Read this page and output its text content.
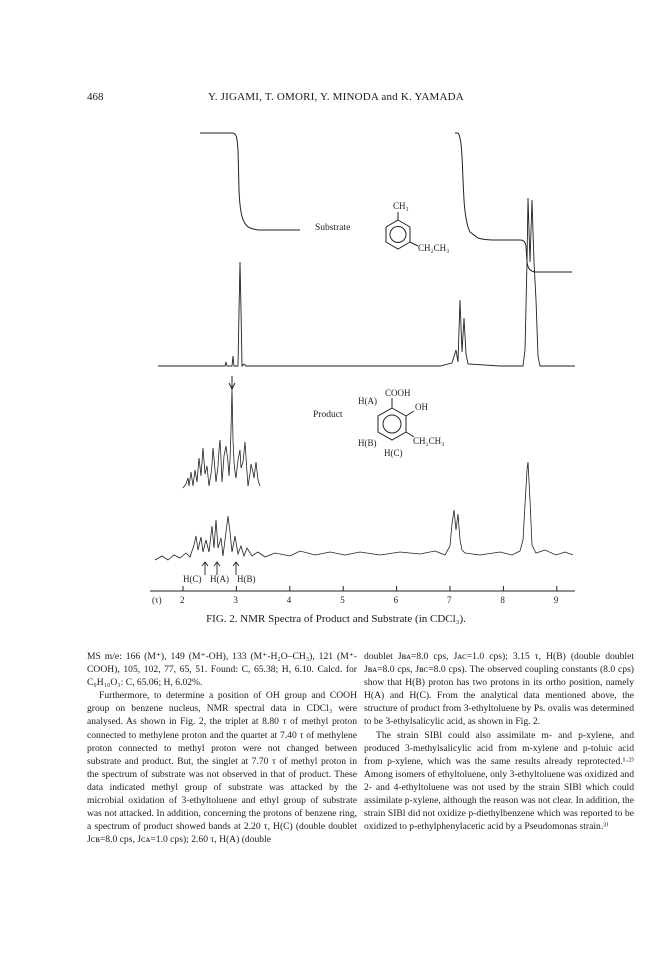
468	Y. JIGAMI, T. OMORI, Y. MINODA and K. YAMADA
Substrate
CH₃
CH₂CH₃
Product
COOH
OH
CH₂CH₃
H(A)
H(B)
H(C)
H(C) H(A) H(B)
2	3	4	5	6	7	8	9
(τ)
FIG. 2. NMR Spectra of Product and Substrate (in CDCl₃).

MS m/e: 166 (M⁺), 149 (M⁺-OH), 133 (M⁺-H₂O–CH₃), 121 (M⁺-COOH), 105, 102, 77, 65, 51. Found: C, 65.38; H, 6.10. Calcd. for C₉H₁₀O₃: C, 65.06; H, 6.02%.

Furthermore, to determine a position of OH group and COOH group on benzene nucleus, NMR spectral data in CDCl₃ were analysed. As shown in Fig. 2, the triplet at 8.80 τ of methyl proton connected to methylene proton and the quartet at 7.40 τ of methylene proton connected to methyl proton were not changed between substrate and product. But, the singlet at 7.70 τ of methyl proton in the spectrum of substrate was not observed in that of product. These data indicated methyl group of substrate was attacked by the microbial oxidation of 3-ethyltoluene and ethyl group of substrate was not attacked. In addition, concerning the protons of benzene ring, a spectrum of product showed bands at 2.20 τ, H(C) (double doublet Jᴄʙ=8.0 cps, Jᴄᴀ=1.0 cps); 2.60 τ, H(A) (double

doublet Jʙᴀ=8.0 cps, Jᴀᴄ=1.0 cps); 3.15 τ, H(B) (double doublet Jʙᴀ=8.0 cps, Jʙᴄ=8.0 cps). The observed coupling constants (8.0 cps) show that H(B) proton has two protons in its ortho position, namely H(A) and H(C). From the analytical data mentioned above, the structure of product from 3-ethyltoluene by Ps. ovalis was determined to be 3-ethylsalicylic acid, as shown in Fig. 2.

The strain SIBl could also assimilate m- and p-xylene, and produced 3-methylsalicylic acid from m-xylene and p-toluic acid from p-xylene, which was the same results already reprotected.¹·²⁾ Among isomers of ethyltoluene, only 3-ethyltoluene was oxidized and 2- and 4-ethyltoluene was not used by the strain SIBl which could assimilate p-xylene, although the reason was not clear. In addition, the strain SIBl did not oxidize p-diethylbenzene which was reported to be oxidized to p-ethylphenylacetic acid by a Pseudomonas strain.³⁾
